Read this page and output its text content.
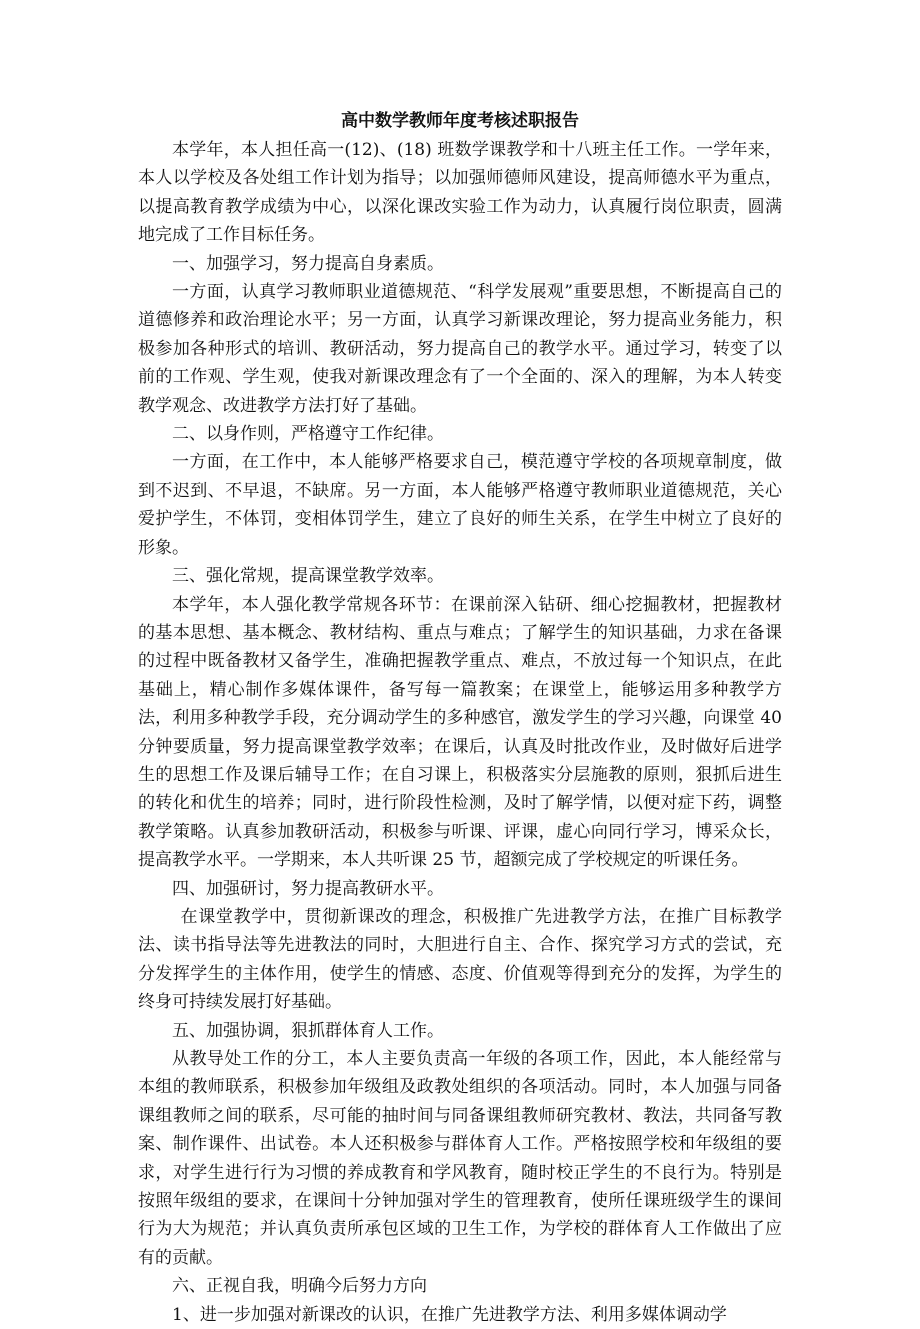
高中数学教师年度考核述职报告

本学年，本人担任高一(12)、(18) 班数学课教学和十八班主任工作。一学年来，本人以学校及各处组工作计划为指导；以加强师德师风建设，提高师德水平为重点，以提高教育教学成绩为中心，以深化课改实验工作为动力，认真履行岗位职责，圆满地完成了工作目标任务。

一、加强学习，努力提高自身素质。

一方面，认真学习教师职业道德规范、“科学发展观”重要思想，不断提高自己的道德修养和政治理论水平；另一方面，认真学习新课改理论，努力提高业务能力，积极参加各种形式的培训、教研活动，努力提高自己的教学水平。通过学习，转变了以前的工作观、学生观，使我对新课改理念有了一个全面的、深入的理解，为本人转变教学观念、改进教学方法打好了基础。

二、以身作则，严格遵守工作纪律。

一方面，在工作中，本人能够严格要求自己，模范遵守学校的各项规章制度，做到不迟到、不早退，不缺席。另一方面，本人能够严格遵守教师职业道德规范，关心爱护学生，不体罚，变相体罚学生，建立了良好的师生关系，在学生中树立了良好的形象。

三、强化常规，提高课堂教学效率。

本学年，本人强化教学常规各环节：在课前深入钻研、细心挖掘教材，把握教材的基本思想、基本概念、教材结构、重点与难点；了解学生的知识基础，力求在备课的过程中既备教材又备学生，准确把握教学重点、难点，不放过每一个知识点，在此基础上，精心制作多媒体课件，备写每一篇教案；在课堂上，能够运用多种教学方法，利用多种教学手段，充分调动学生的多种感官，激发学生的学习兴趣，向课堂 40 分钟要质量，努力提高课堂教学效率；在课后，认真及时批改作业，及时做好后进学生的思想工作及课后辅导工作；在自习课上，积极落实分层施教的原则，狠抓后进生的转化和优生的培养；同时，进行阶段性检测，及时了解学情，以便对症下药，调整教学策略。认真参加教研活动，积极参与听课、评课，虚心向同行学习，博采众长，提高教学水平。一学期来，本人共听课 25 节，超额完成了学校规定的听课任务。

四、加强研讨，努力提高教研水平。

在课堂教学中，贯彻新课改的理念，积极推广先进教学方法，在推广目标教学法、读书指导法等先进教法的同时，大胆进行自主、合作、探究学习方式的尝试，充分发挥学生的主体作用，使学生的情感、态度、价值观等得到充分的发挥，为学生的终身可持续发展打好基础。

五、加强协调，狠抓群体育人工作。

从教导处工作的分工，本人主要负责高一年级的各项工作，因此，本人能经常与本组的教师联系，积极参加年级组及政教处组织的各项活动。同时，本人加强与同备课组教师之间的联系，尽可能的抽时间与同备课组教师研究教材、教法，共同备写教案、制作课件、出试卷。本人还积极参与群体育人工作。严格按照学校和年级组的要求，对学生进行行为习惯的养成教育和学风教育，随时校正学生的不良行为。特别是按照年级组的要求，在课间十分钟加强对学生的管理教育，使所任课班级学生的课间行为大为规范；并认真负责所承包区域的卫生工作，为学校的群体育人工作做出了应有的贡献。

六、正视自我，明确今后努力方向

1、进一步加强对新课改的认识，在推广先进教学方法、利用多媒体调动学
